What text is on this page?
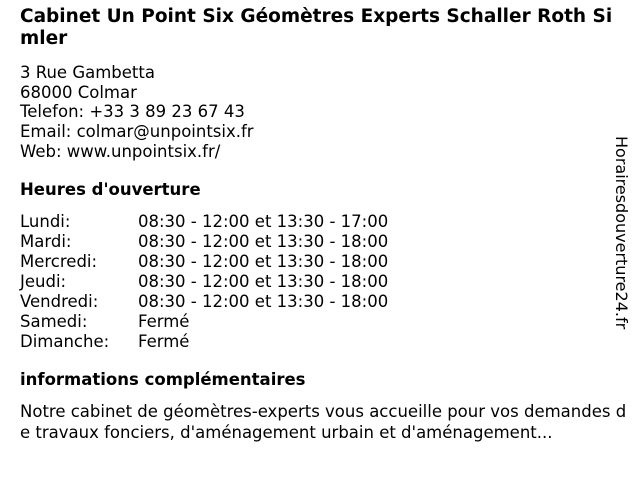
Cabinet Un Point Six Géomètres Experts Schaller Roth Simler
3 Rue Gambetta
68000 Colmar
Telefon: +33 3 89 23 67 43
Email: colmar@unpointsix.fr
Web: www.unpointsix.fr/
Heures d'ouverture
Lundi:	08:30 - 12:00 et 13:30 - 17:00
Mardi:	08:30 - 12:00 et 13:30 - 18:00
Mercredi:	08:30 - 12:00 et 13:30 - 18:00
Jeudi:	08:30 - 12:00 et 13:30 - 18:00
Vendredi:	08:30 - 12:00 et 13:30 - 18:00
Samedi:	Fermé
Dimanche:	Fermé
informations complémentaires
Notre cabinet de géomètres-experts vous accueille pour vos demandes de travaux fonciers, d'aménagement urbain et d'aménagement...
Horairesdouverture24.fr
